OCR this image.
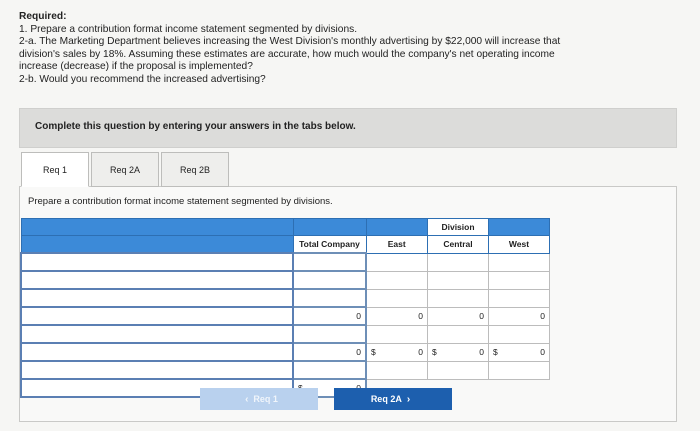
Required:

1. Prepare a contribution format income statement segmented by divisions.

2-a. The Marketing Department believes increasing the West Division's monthly advertising by $22,000 will increase that

division's sales by 18%. Assuming these estimates are accurate, how much would the company's net operating income

increase (decrease) if the proposal is implemented?

2-b. Would you recommend the increased advertising?

Complete this question by entering your answers in the tabs below.
Req 1	Req 2A	Req 2B
Prepare a contribution format income statement segmented by divisions.
			Division	
	Total Company	East	Central	West

	0	0	0	0

	0	$ 0	$ 0	$ 0

‹ Req 1	Req 2A ›
